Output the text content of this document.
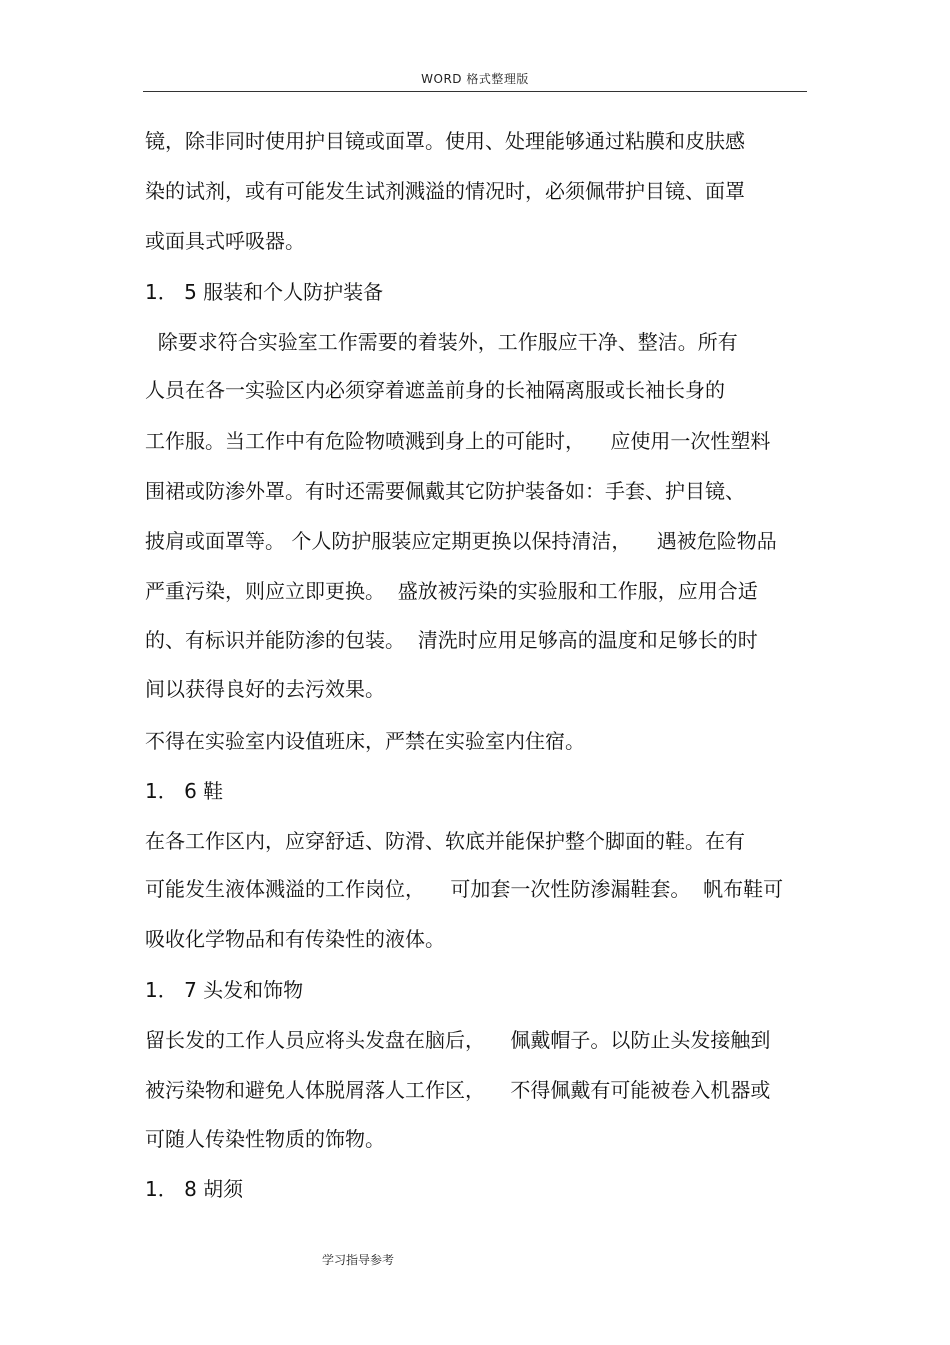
WORD 格式整理版
镜，除非同时使用护目镜或面罩。使用、处理能够通过粘膜和皮肤感
染的试剂，或有可能发生试剂溅溢的情况时，必须佩带护目镜、面罩
或面具式呼吸器。
1． 5 服装和个人防护装备
除要求符合实验室工作需要的着装外，工作服应干净、整洁。所有
人员在各一实验区内必须穿着遮盖前身的长袖隔离服或长袖长身的
工作服。当工作中有危险物喷溅到身上的可能时，    应使用一次性塑料
围裙或防渗外罩。有时还需要佩戴其它防护装备如：手套、护目镜、
披肩或面罩等。 个人防护服装应定期更换以保持清洁，    遇被危险物品
严重污染，则应立即更换。  盛放被污染的实验服和工作服，应用合适
的、有标识并能防渗的包装。  清洗时应用足够高的温度和足够长的时
间以获得良好的去污效果。
不得在实验室内设值班床，严禁在实验室内住宿。
1． 6 鞋
在各工作区内，应穿舒适、防滑、软底并能保护整个脚面的鞋。在有
可能发生液体溅溢的工作岗位，    可加套一次性防渗漏鞋套。  帆布鞋可
吸收化学物品和有传染性的液体。
1． 7 头发和饰物
留长发的工作人员应将头发盘在脑后，    佩戴帽子。以防止头发接触到
被污染物和避免人体脱屑落人工作区，    不得佩戴有可能被卷入机器或
可随人传染性物质的饰物。
1． 8 胡须
学习指导参考
